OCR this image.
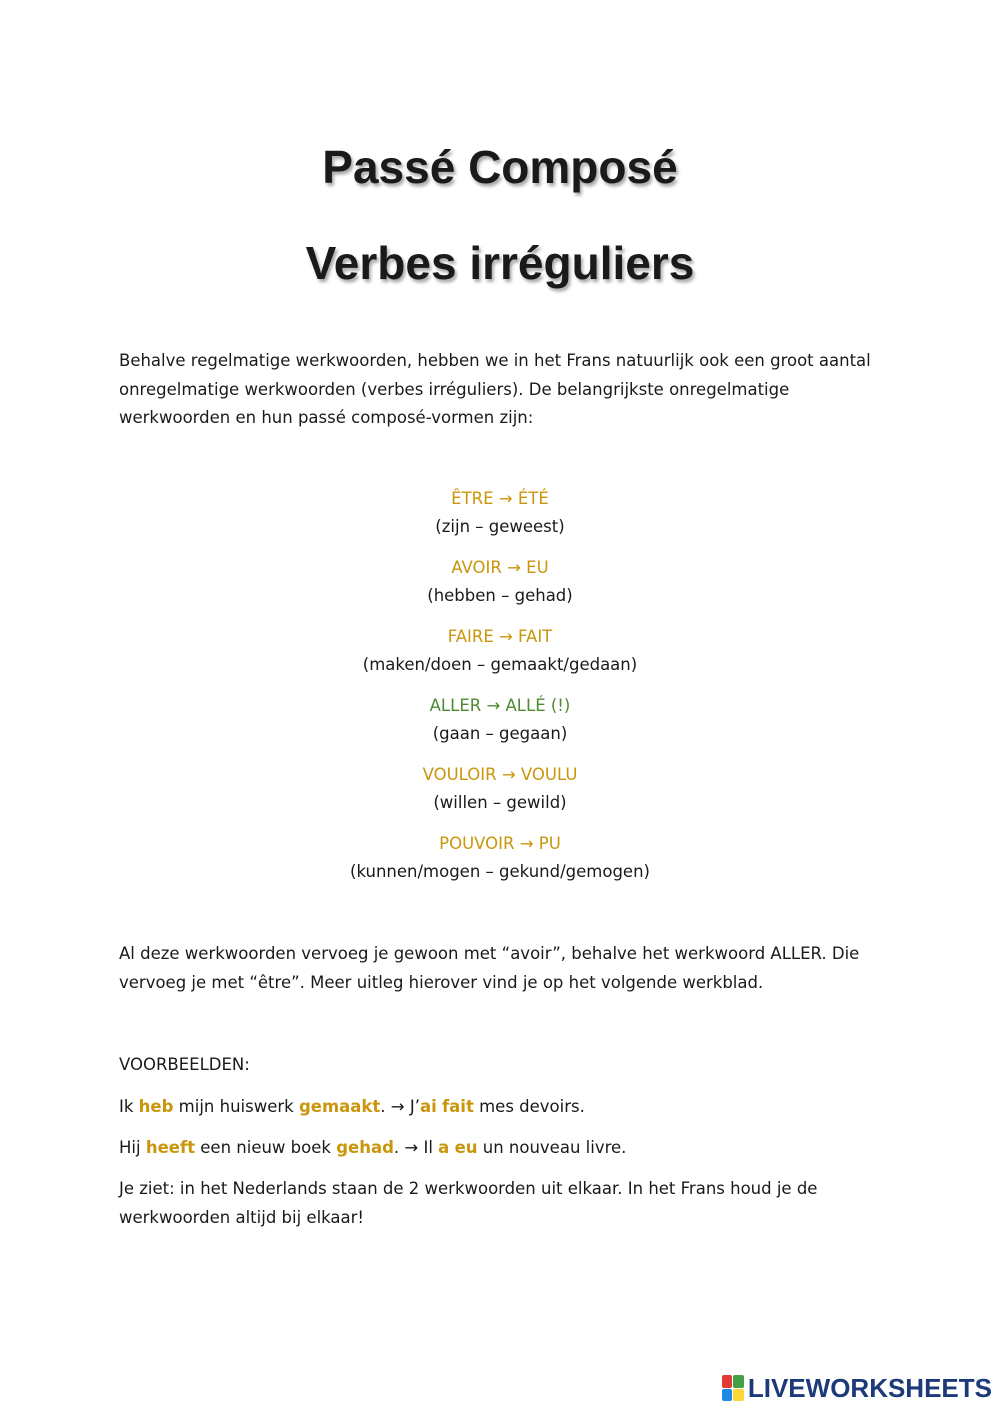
Passé Composé
Verbes irréguliers

Behalve regelmatige werkwoorden, hebben we in het Frans natuurlijk ook een groot aantal onregelmatige werkwoorden (verbes irréguliers). De belangrijkste onregelmatige werkwoorden en hun passé composé-vormen zijn:

ÊTRE → ÉTÉ
(zijn – geweest)
AVOIR → EU
(hebben – gehad)
FAIRE → FAIT
(maken/doen – gemaakt/gedaan)
ALLER → ALLÉ (!)
(gaan – gegaan)
VOULOIR → VOULU
(willen – gewild)
POUVOIR → PU
(kunnen/mogen – gekund/gemogen)

Al deze werkwoorden vervoeg je gewoon met “avoir”, behalve het werkwoord ALLER. Die vervoeg je met “être”. Meer uitleg hierover vind je op het volgende werkblad.

VOORBEELDEN:

Ik heb mijn huiswerk gemaakt. → J’ai fait mes devoirs.

Hij heeft een nieuw boek gehad. → Il a eu un nouveau livre.

Je ziet: in het Nederlands staan de 2 werkwoorden uit elkaar. In het Frans houd je de werkwoorden altijd bij elkaar!

LIVEWORKSHEETS
